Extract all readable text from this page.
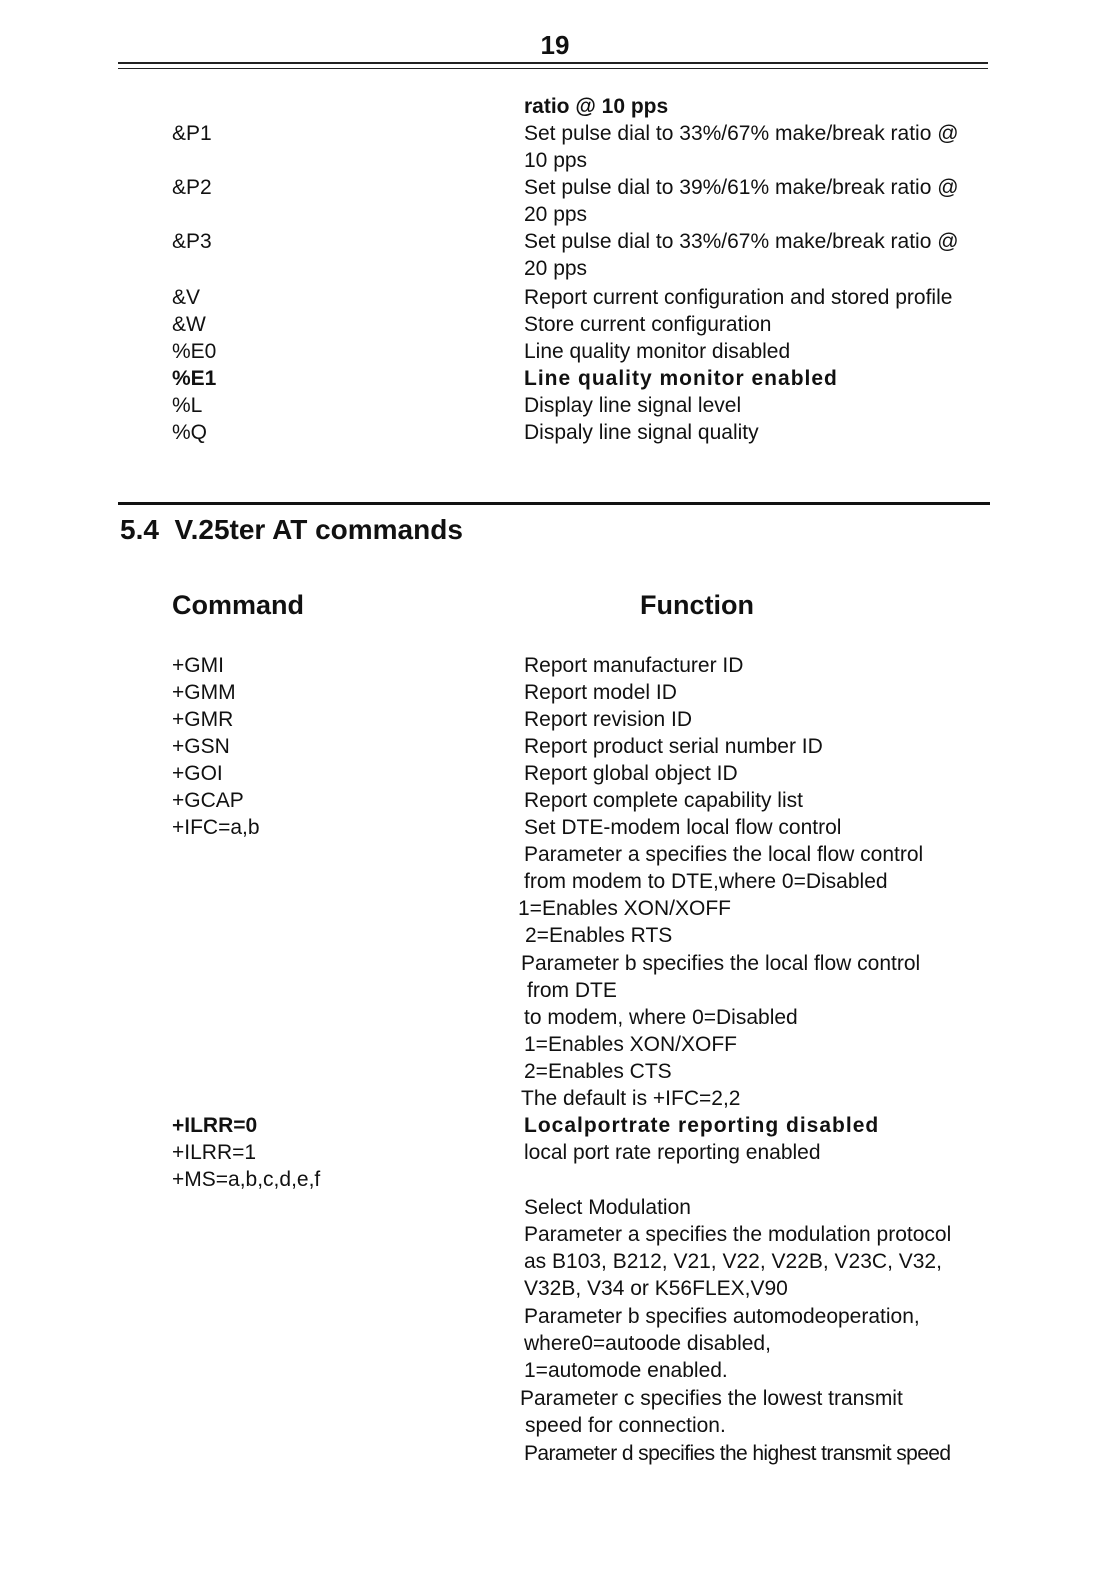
19
ratio @ 10 pps
&P1	Set pulse dial to 33%/67% make/break ratio @
10 pps
&P2	Set pulse dial to 39%/61% make/break ratio @
20 pps
&P3	Set pulse dial to 33%/67% make/break ratio @
20 pps
&V	Report current configuration and stored profile
&W	Store current configuration
%E0	Line quality monitor disabled
%E1	Line quality monitor enabled
%L	Display line signal level
%Q	Dispaly line signal quality
5.4 V.25ter AT commands
Command	Function
+GMI	Report manufacturer ID
+GMM	Report model ID
+GMR	Report revision ID
+GSN	Report product serial number ID
+GOI	Report global object ID
+GCAP	Report complete capability list
+IFC=a,b	Set DTE-modem local flow control
Parameter a specifies the local flow control
from modem to DTE,where 0=Disabled
1=Enables XON/XOFF
2=Enables RTS
Parameter b specifies the local flow control
from DTE
to modem, where 0=Disabled
1=Enables XON/XOFF
2=Enables CTS
The default is +IFC=2,2
+ILRR=0	Localportrate reporting disabled
+ILRR=1	local port rate reporting enabled
+MS=a,b,c,d,e,f
Select Modulation
Parameter a specifies the modulation protocol
as B103, B212, V21, V22, V22B, V23C, V32,
V32B, V34 or K56FLEX,V90
Parameter b specifies automodeoperation,
where0=autoode disabled,
1=automode enabled.
Parameter c specifies the lowest transmit
speed for connection.
Parameter d specifies the highest transmit speed
